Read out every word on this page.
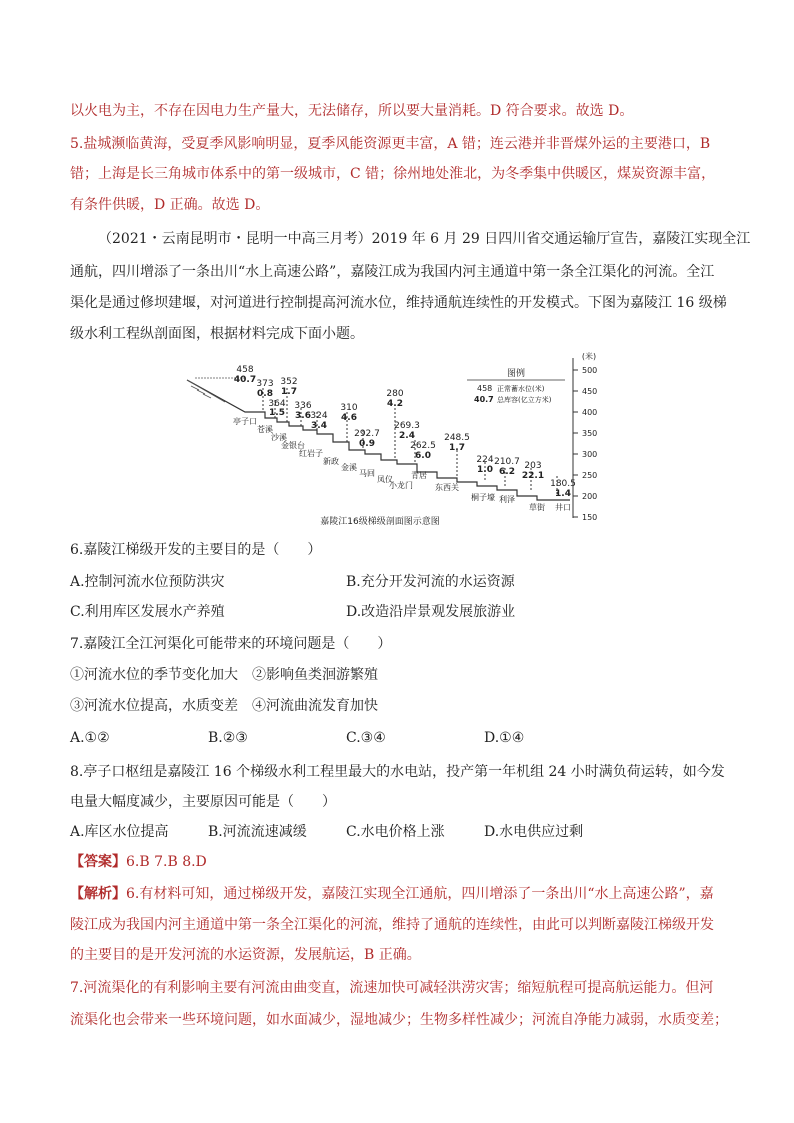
以火电为主，不存在因电力生产量大，无法储存，所以要大量消耗。D 符合要求。故选 D。
5.盐城濒临黄海，受夏季风影响明显，夏季风能资源更丰富，A 错；连云港并非晋煤外运的主要港口，B
错；上海是长三角城市体系中的第一级城市，C 错；徐州地处淮北，为冬季集中供暖区，煤炭资源丰富，
有条件供暖，D 正确。故选 D。
（2021・云南昆明市・昆明一中高三月考）2019 年 6 月 29 日四川省交通运输厅宣告，嘉陵江实现全江
通航，四川增添了一条出川“水上高速公路”，嘉陵江成为我国内河主通道中第一条全江渠化的河流。全江
渠化是通过修坝建堰，对河道进行控制提高河流水位，维持通航连续性的开发模式。下图为嘉陵江 16 级梯
级水利工程纵剖面图，根据材料完成下面小题。
458
40.7 373
0.8
364
1.5
352
1.7
336
3.6 324
3.4
310
4.6
292.7
0.9
280
4.2
269.3
2.4
262.5
6.0
248.5
1.7
224
1.0
210.7
6.2
203
22.1
180.5
1.4
亭子口
苍溪
沙溪
金银台
红岩子
新政
金溪
马回
凤仪
小龙门
青居
东西关
桐子壕 利泽
草街 井口
图例
458 正常蓄水位(米)
40.7 总库容(亿立方米)
(米)
500
450
400
350
300
250
200
150
嘉陵江16级梯级剖面图示意图
6.嘉陵江梯级开发的主要目的是（　　）
A.控制河流水位预防洪灾	B.充分开发河流的水运资源
C.利用库区发展水产养殖	D.改造沿岸景观发展旅游业
7.嘉陵江全江河渠化可能带来的环境问题是（　　）
①河流水位的季节变化加大　②影响鱼类洄游繁殖
③河流水位提高，水质变差　④河流曲流发育加快
A.①②	B.②③	C.③④	D.①④
8.亭子口枢纽是嘉陵江 16 个梯级水利工程里最大的水电站，投产第一年机组 24 小时满负荷运转，如今发
电量大幅度减少，主要原因可能是（　　）
A.库区水位提高	B.河流流速减缓	C.水电价格上涨	D.水电供应过剩
【答案】6.B 7.B 8.D
【解析】6.有材料可知，通过梯级开发，嘉陵江实现全江通航，四川增添了一条出川“水上高速公路”，嘉
陵江成为我国内河主通道中第一条全江渠化的河流，维持了通航的连续性，由此可以判断嘉陵江梯级开发
的主要目的是开发河流的水运资源，发展航运，B 正确。
7.河流渠化的有利影响主要有河流由曲变直，流速加快可减轻洪涝灾害；缩短航程可提高航运能力。但河
流渠化也会带来一些环境问题，如水面减少，湿地减少；生物多样性减少；河流自净能力减弱，水质变差；
